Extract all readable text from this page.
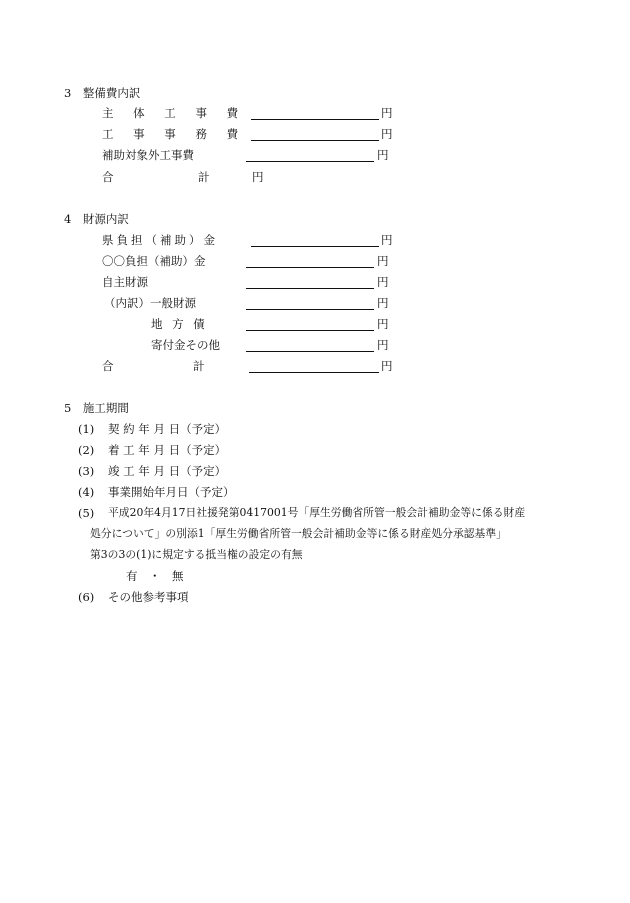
3　整備費内訳
主 体 工 事 費	円
工 事 事 務 費	円
補助対象外工事費	円
合	計	円
4　財源内訳
県負担（補助）金	円
〇〇負担（補助）金	円
自主財源	円
（内訳）一般財源	円
地 方 債	円
寄付金その他	円
合	計	円
5　施工期間
(1) 契 約 年 月 日（予定）
(2) 着 工 年 月 日（予定）
(3) 竣 工 年 月 日（予定）
(4) 事業開始年月日（予定）
(5) 平成20年4月17日社援発第0417001号「厚生労働省所管一般会計補助金等に係る財産
処分について」の別添1「厚生労働省所管一般会計補助金等に係る財産処分承認基準」
第3の3の(1)に規定する抵当権の設定の有無
有　・　無
(6) その他参考事項
